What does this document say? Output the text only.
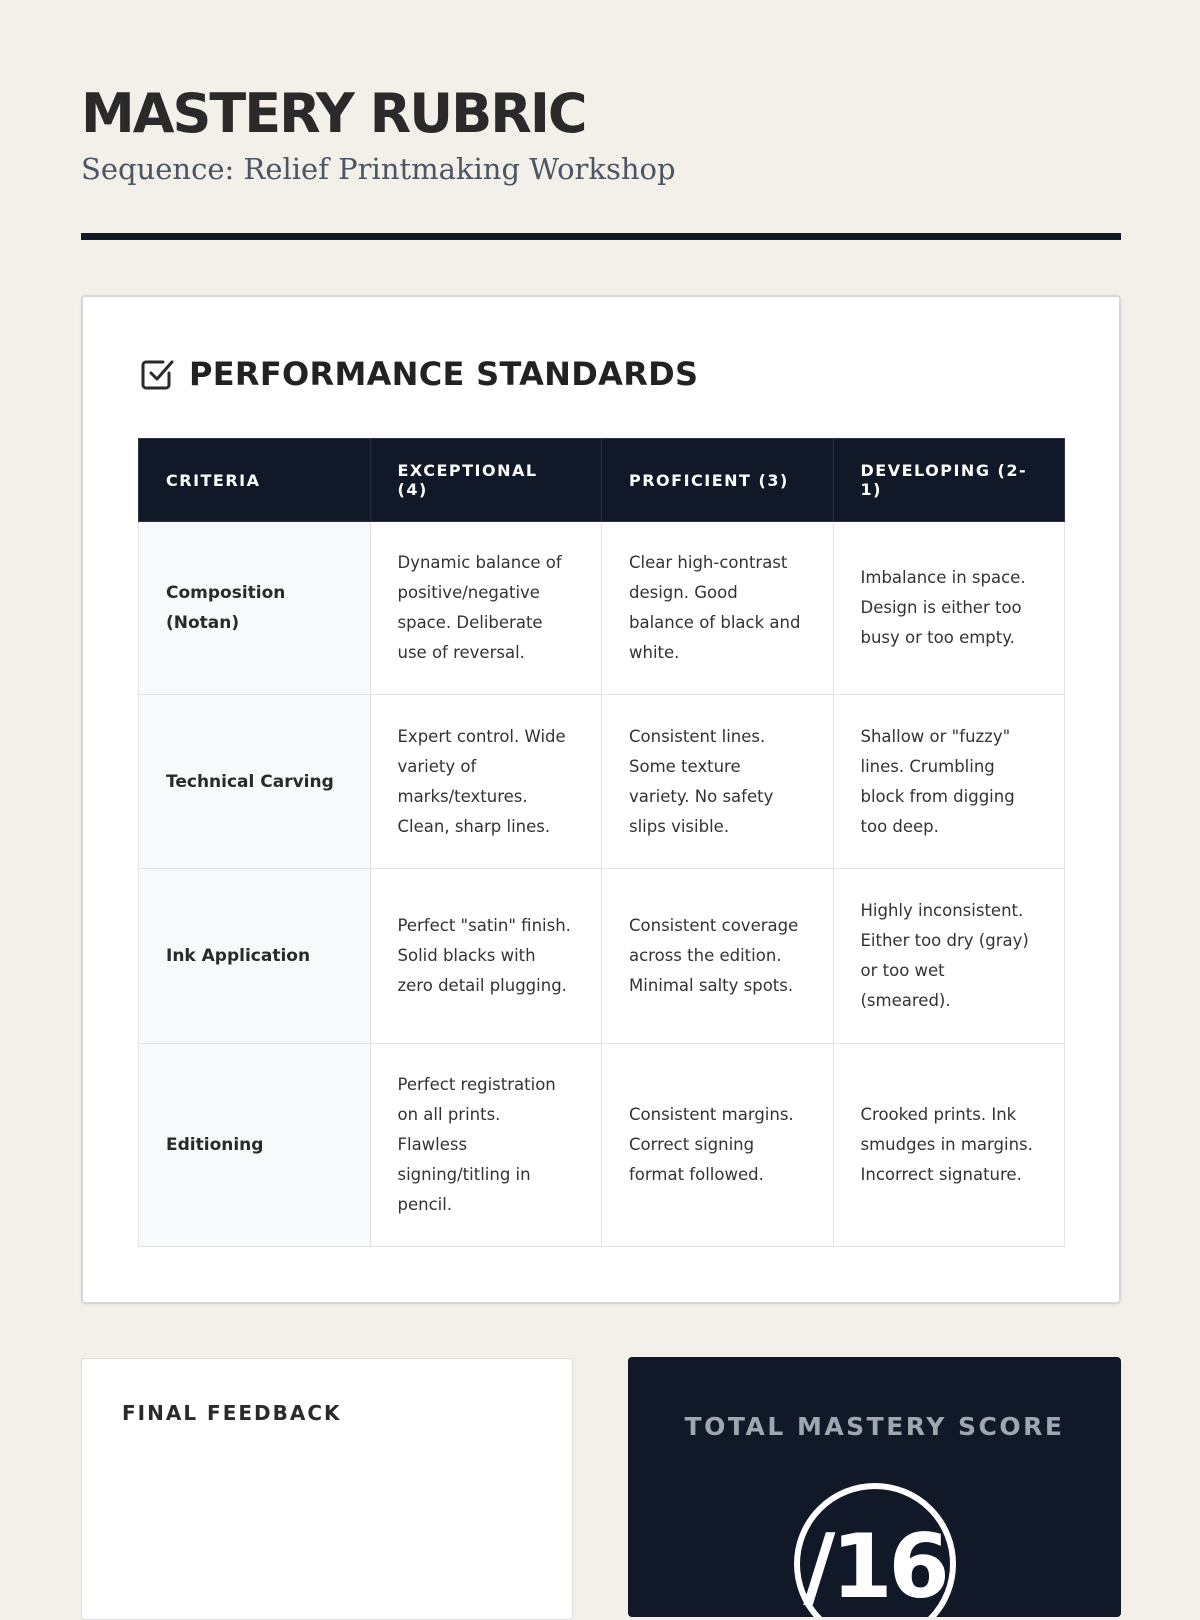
MASTERY RUBRIC
Sequence: Relief Printmaking Workshop
PERFORMANCE STANDARDS
CRITERIA	EXCEPTIONAL (4)	PROFICIENT (3)	DEVELOPING (2-1)
Composition (Notan)	Dynamic balance of positive/negative space. Deliberate use of reversal.	Clear high-contrast design. Good balance of black and white.	Imbalance in space. Design is either too busy or too empty.
Technical Carving	Expert control. Wide variety of marks/textures. Clean, sharp lines.	Consistent lines. Some texture variety. No safety slips visible.	Shallow or "fuzzy" lines. Crumbling block from digging too deep.
Ink Application	Perfect "satin" finish. Solid blacks with zero detail plugging.	Consistent coverage across the edition. Minimal salty spots.	Highly inconsistent. Either too dry (gray) or too wet (smeared).
Editioning	Perfect registration on all prints. Flawless signing/titling in pencil.	Consistent margins. Correct signing format followed.	Crooked prints. Ink smudges in margins. Incorrect signature.
FINAL FEEDBACK	TOTAL MASTERY SCORE
/16
